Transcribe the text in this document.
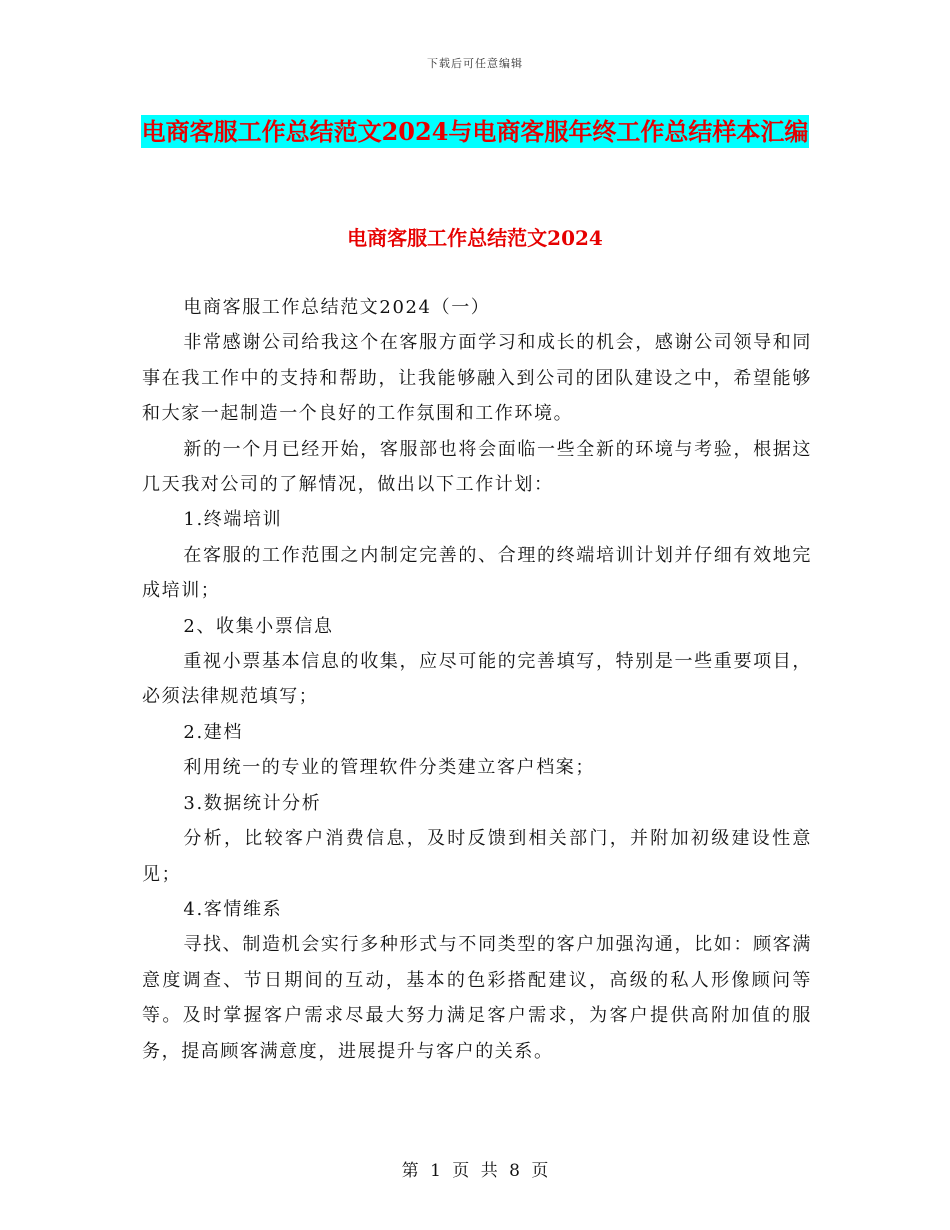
下载后可任意编辑
电商客服工作总结范文2024与电商客服年终工作总结样本汇编
电商客服工作总结范文2024

电商客服工作总结范文2024（一）

非常感谢公司给我这个在客服方面学习和成长的机会，感谢公司领导和同事在我工作中的支持和帮助，让我能够融入到公司的团队建设之中，希望能够和大家一起制造一个良好的工作氛围和工作环境。

新的一个月已经开始，客服部也将会面临一些全新的环境与考验，根据这几天我对公司的了解情况，做出以下工作计划：

1.终端培训

在客服的工作范围之内制定完善的、合理的终端培训计划并仔细有效地完成培训；

2、收集小票信息

重视小票基本信息的收集，应尽可能的完善填写，特别是一些重要项目，必须法律规范填写；

2.建档

利用统一的专业的管理软件分类建立客户档案；

3.数据统计分析

分析，比较客户消费信息，及时反馈到相关部门，并附加初级建设性意见；

4.客情维系

寻找、制造机会实行多种形式与不同类型的客户加强沟通，比如：顾客满意度调查、节日期间的互动，基本的色彩搭配建议，高级的私人形像顾问等等。及时掌握客户需求尽最大努力满足客户需求，为客户提供高附加值的服务，提高顾客满意度，进展提升与客户的关系。

第 1 页 共 8 页
